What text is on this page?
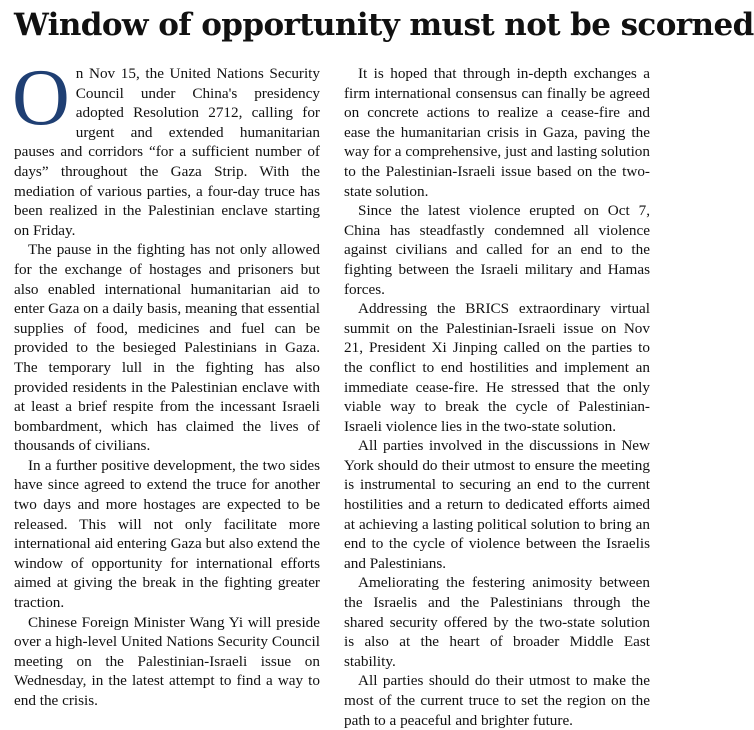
Window of opportunity must not be scorned

On Nov 15, the United Nations Security Council under China's presidency adopted Resolution 2712, calling for urgent and extended humanitarian pauses and corridors “for a sufficient number of days” throughout the Gaza Strip. With the mediation of various parties, a four-day truce has been realized in the Palestinian enclave starting on Friday.

The pause in the fighting has not only allowed for the exchange of hostages and prisoners but also enabled international humanitarian aid to enter Gaza on a daily basis, meaning that essential supplies of food, medicines and fuel can be provided to the besieged Palestinians in Gaza. The temporary lull in the fighting has also provided residents in the Palestinian enclave with at least a brief respite from the incessant Israeli bombardment, which has claimed the lives of thousands of civilians.

In a further positive development, the two sides have since agreed to extend the truce for another two days and more hostages are expected to be released. This will not only facilitate more international aid entering Gaza but also extend the window of opportunity for international efforts aimed at giving the break in the fighting greater traction.

Chinese Foreign Minister Wang Yi will preside over a high-level United Nations Security Council meeting on the Palestinian-Israeli issue on Wednesday, in the latest attempt to find a way to end the crisis.

It is hoped that through in-depth exchanges a firm international consensus can finally be agreed on concrete actions to realize a cease-fire and ease the humanitarian crisis in Gaza, paving the way for a comprehensive, just and lasting solution to the Palestinian-Israeli issue based on the two-state solution.

Since the latest violence erupted on Oct 7, China has steadfastly condemned all violence against civilians and called for an end to the fighting between the Israeli military and Hamas forces.

Addressing the BRICS extraordinary virtual summit on the Palestinian-Israeli issue on Nov 21, President Xi Jinping called on the parties to the conflict to end hostilities and implement an immediate cease-fire. He stressed that the only viable way to break the cycle of Palestinian-Israeli violence lies in the two-state solution.

All parties involved in the discussions in New York should do their utmost to ensure the meeting is instrumental to securing an end to the current hostilities and a return to dedicated efforts aimed at achieving a lasting political solution to bring an end to the cycle of violence between the Israelis and Palestinians.

Ameliorating the festering animosity between the Israelis and the Palestinians through the shared security offered by the two-state solution is also at the heart of broader Middle East stability.

All parties should do their utmost to make the most of the current truce to set the region on the path to a peaceful and brighter future.
